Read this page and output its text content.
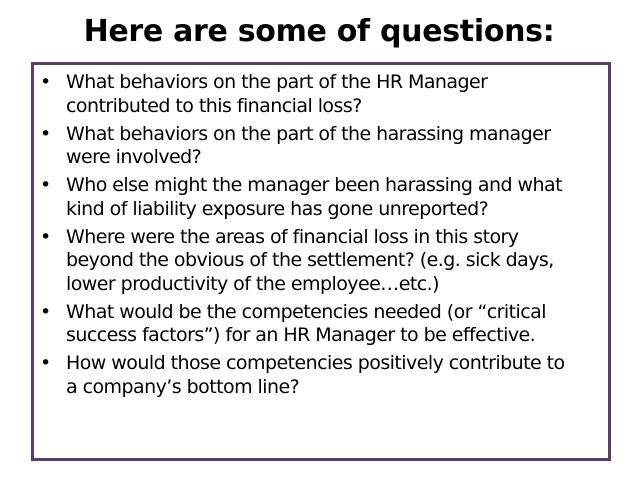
Here are some of questions:
• What behaviors on the part of the HR Manager
contributed to this financial loss?
• What behaviors on the part of the harassing manager
were involved?
• Who else might the manager been harassing and what
kind of liability exposure has gone unreported?
• Where were the areas of financial loss in this story
beyond the obvious of the settlement? (e.g. sick days,
lower productivity of the employee…etc.)
• What would be the competencies needed (or “critical
success factors”) for an HR Manager to be effective.
• How would those competencies positively contribute to
a company’s bottom line?
